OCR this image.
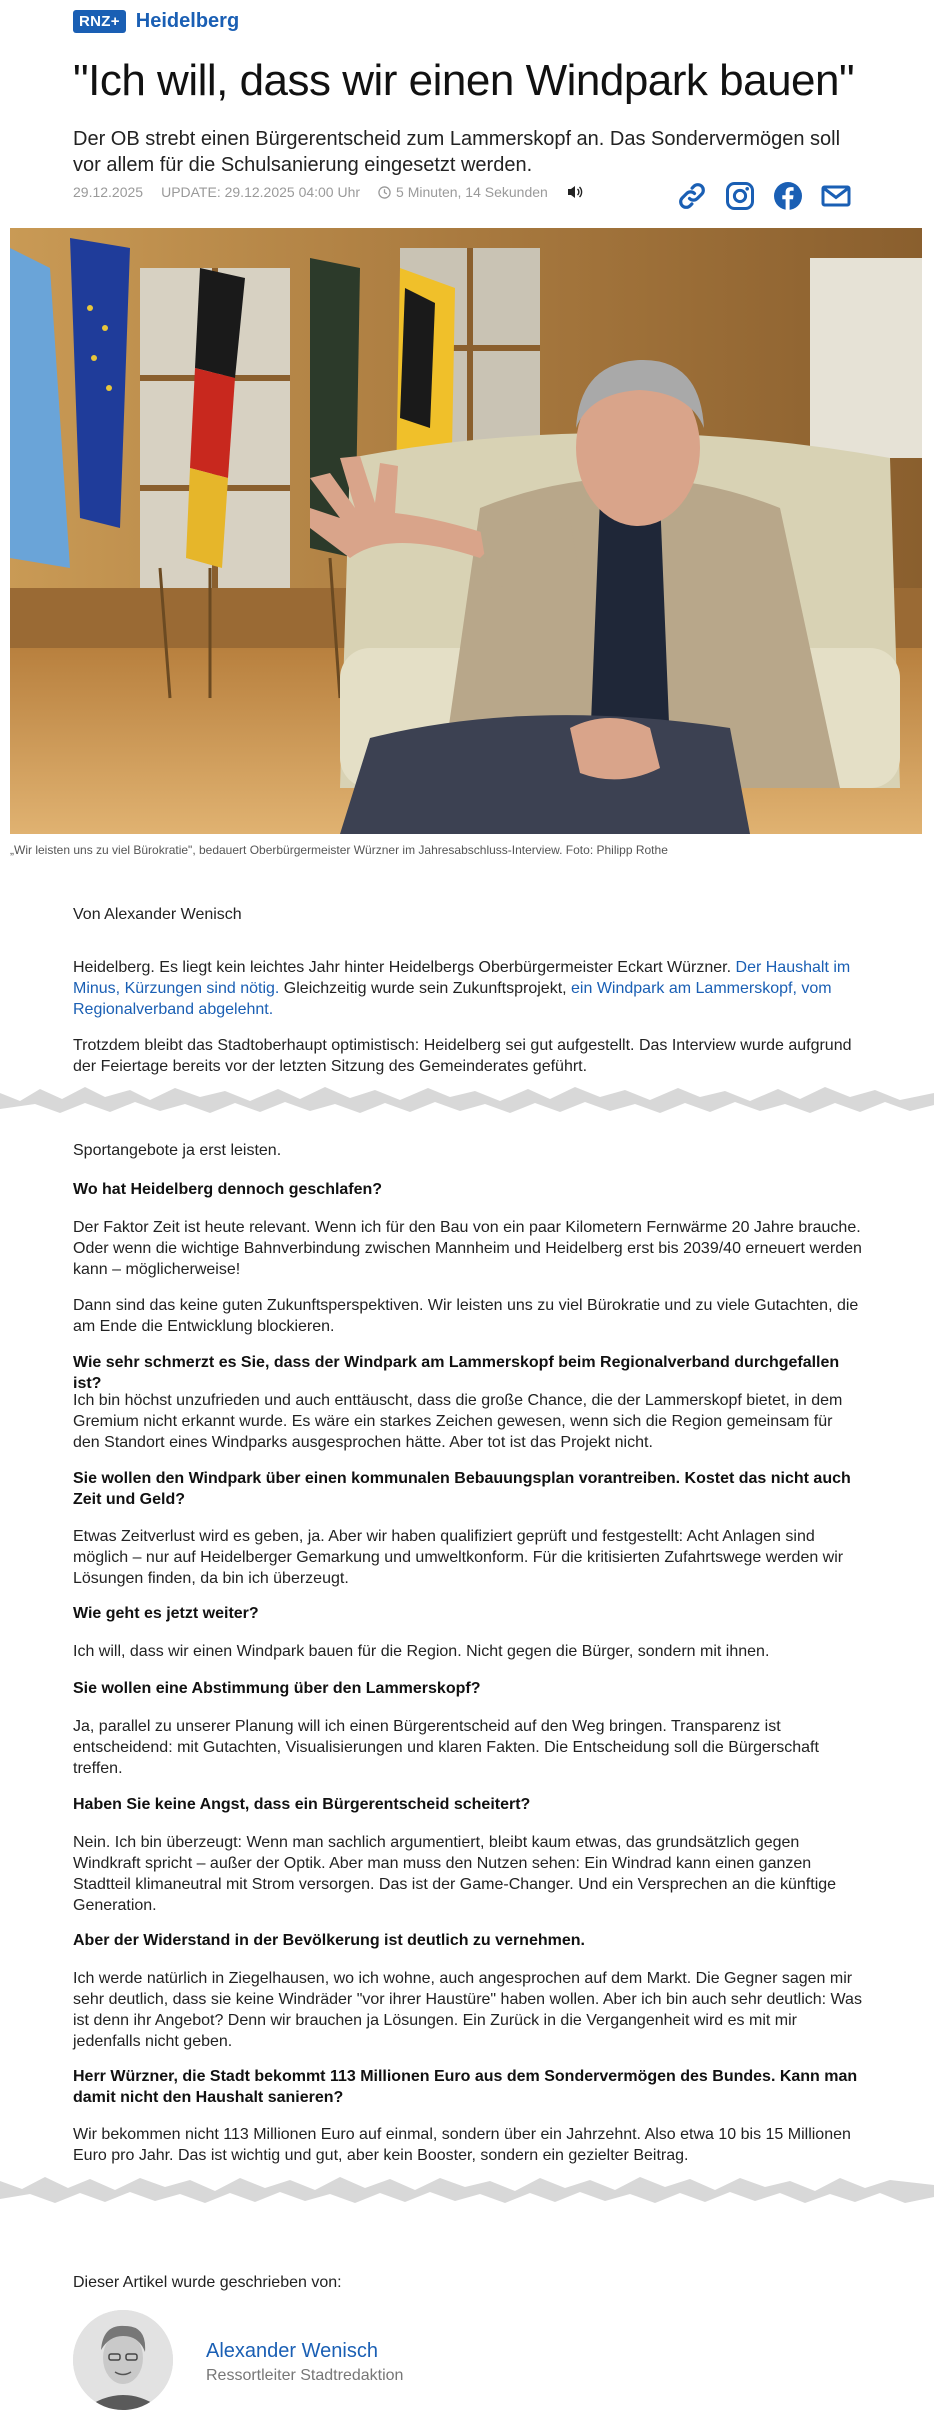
RNZ+ Heidelberg
"Ich will, dass wir einen Windpark bauen"

Der OB strebt einen Bürgerentscheid zum Lammerskopf an. Das Sondervermögen soll vor allem für die Schulsanierung eingesetzt werden.

29.12.2025 UPDATE: 29.12.2025 04:00 Uhr	5 Minuten, 14 Sekunden
„Wir leisten uns zu viel Bürokratie", bedauert Oberbürgermeister Würzner im Jahresabschluss-Interview. Foto: Philipp Rothe
Von Alexander Wenisch

Heidelberg. Es liegt kein leichtes Jahr hinter Heidelbergs Oberbürgermeister Eckart Würzner. Der Haushalt im Minus, Kürzungen sind nötig. Gleichzeitig wurde sein Zukunftsprojekt, ein Windpark am Lammerskopf, vom Regionalverband abgelehnt.

Trotzdem bleibt das Stadtoberhaupt optimistisch: Heidelberg sei gut aufgestellt. Das Interview wurde aufgrund der Feiertage bereits vor der letzten Sitzung des Gemeinderates geführt.

Sportangebote ja erst leisten.

Wo hat Heidelberg dennoch geschlafen?

Der Faktor Zeit ist heute relevant. Wenn ich für den Bau von ein paar Kilometern Fernwärme 20 Jahre brauche. Oder wenn die wichtige Bahnverbindung zwischen Mannheim und Heidelberg erst bis 2039/40 erneuert werden kann – möglicherweise!

Dann sind das keine guten Zukunftsperspektiven. Wir leisten uns zu viel Bürokratie und zu viele Gutachten, die am Ende die Entwicklung blockieren.

Wie sehr schmerzt es Sie, dass der Windpark am Lammerskopf beim Regionalverband durchgefallen ist?

Ich bin höchst unzufrieden und auch enttäuscht, dass die große Chance, die der Lammerskopf bietet, in dem Gremium nicht erkannt wurde. Es wäre ein starkes Zeichen gewesen, wenn sich die Region gemeinsam für den Standort eines Windparks ausgesprochen hätte. Aber tot ist das Projekt nicht.

Sie wollen den Windpark über einen kommunalen Bebauungsplan vorantreiben. Kostet das nicht auch Zeit und Geld?

Etwas Zeitverlust wird es geben, ja. Aber wir haben qualifiziert geprüft und festgestellt: Acht Anlagen sind möglich – nur auf Heidelberger Gemarkung und umweltkonform. Für die kritisierten Zufahrtswege werden wir Lösungen finden, da bin ich überzeugt.

Wie geht es jetzt weiter?

Ich will, dass wir einen Windpark bauen für die Region. Nicht gegen die Bürger, sondern mit ihnen.

Sie wollen eine Abstimmung über den Lammerskopf?

Ja, parallel zu unserer Planung will ich einen Bürgerentscheid auf den Weg bringen. Transparenz ist entscheidend: mit Gutachten, Visualisierungen und klaren Fakten. Die Entscheidung soll die Bürgerschaft treffen.

Haben Sie keine Angst, dass ein Bürgerentscheid scheitert?

Nein. Ich bin überzeugt: Wenn man sachlich argumentiert, bleibt kaum etwas, das grundsätzlich gegen Windkraft spricht – außer der Optik. Aber man muss den Nutzen sehen: Ein Windrad kann einen ganzen Stadtteil klimaneutral mit Strom versorgen. Das ist der Game-Changer. Und ein Versprechen an die künftige Generation.

Aber der Widerstand in der Bevölkerung ist deutlich zu vernehmen.

Ich werde natürlich in Ziegelhausen, wo ich wohne, auch angesprochen auf dem Markt. Die Gegner sagen mir sehr deutlich, dass sie keine Windräder "vor ihrer Haustüre" haben wollen. Aber ich bin auch sehr deutlich: Was ist denn ihr Angebot? Denn wir brauchen ja Lösungen. Ein Zurück in die Vergangenheit wird es mit mir jedenfalls nicht geben.

Herr Würzner, die Stadt bekommt 113 Millionen Euro aus dem Sondervermögen des Bundes. Kann man damit nicht den Haushalt sanieren?

Wir bekommen nicht 113 Millionen Euro auf einmal, sondern über ein Jahrzehnt. Also etwa 10 bis 15 Millionen Euro pro Jahr. Das ist wichtig und gut, aber kein Booster, sondern ein gezielter Beitrag.

Dieser Artikel wurde geschrieben von:
Alexander Wenisch
Ressortleiter Stadtredaktion
